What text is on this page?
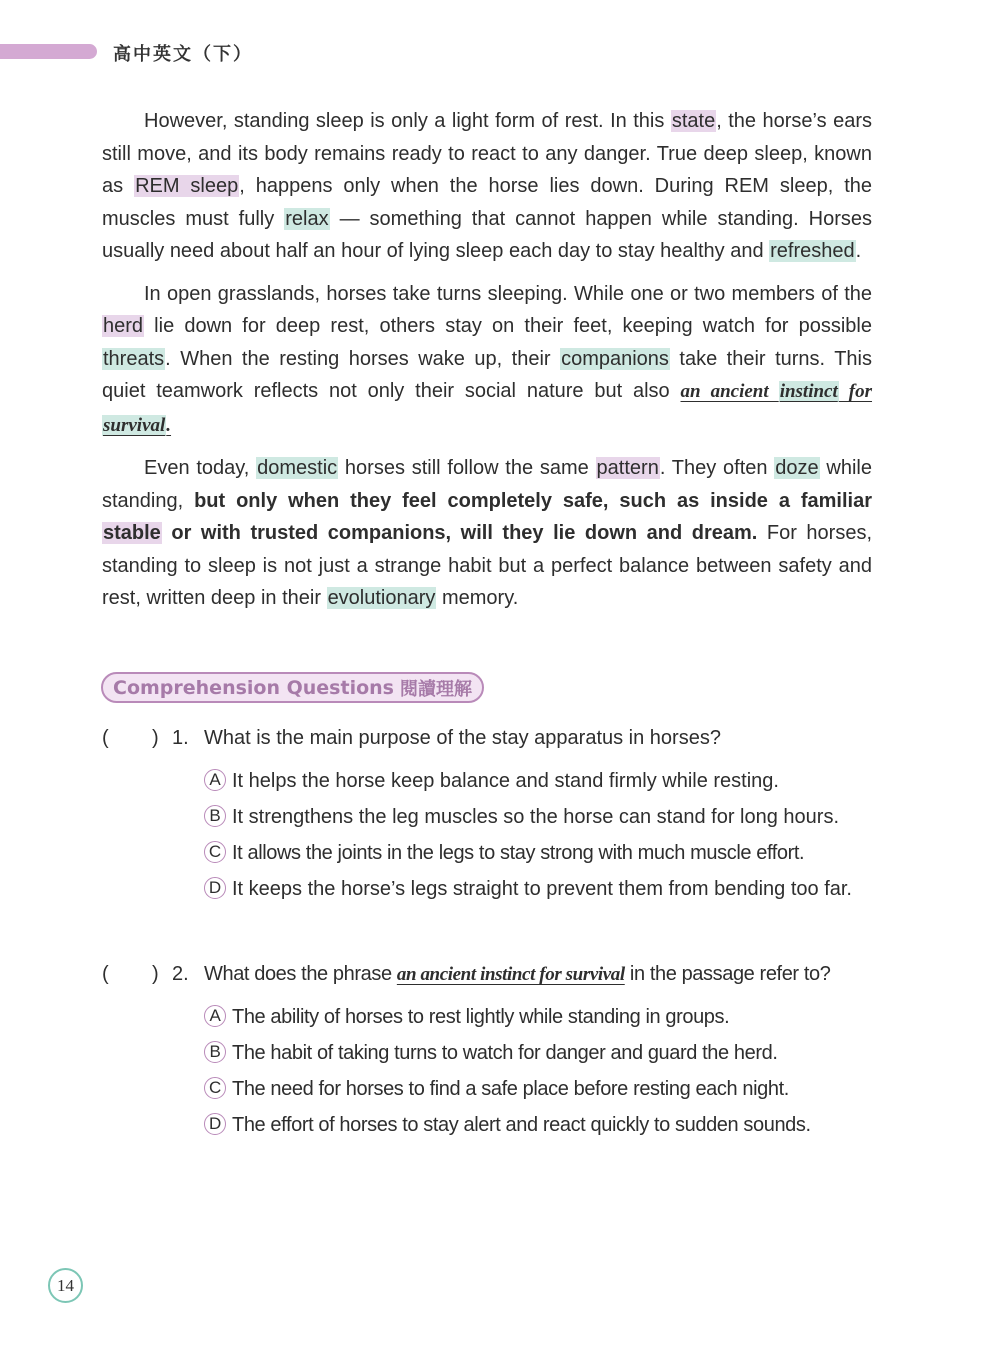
高中英文（下）

However, standing sleep is only a light form of rest. In this state, the horse’s ears still move, and its body remains ready to react to any danger. True deep sleep, known as REM sleep, happens only when the horse lies down. During REM sleep, the muscles must fully relax — something that cannot happen while standing. Horses usually need about half an hour of lying sleep each day to stay healthy and refreshed.

In open grasslands, horses take turns sleeping. While one or two members of the herd lie down for deep rest, others stay on their feet, keeping watch for possible threats. When the resting horses wake up, their companions take their turns. This quiet teamwork reflects not only their social nature but also an ancient instinct for survival.

Even today, domestic horses still follow the same pattern. They often doze while standing, but only when they feel completely safe, such as inside a familiar stable or with trusted companions, will they lie down and dream. For horses, standing to sleep is not just a strange habit but a perfect balance between safety and rest, written deep in their evolutionary memory.

Comprehension Questions 閱讀理解
(	) 1. What is the main purpose of the stay apparatus in horses?
A It helps the horse keep balance and stand firmly while resting.
B It strengthens the leg muscles so the horse can stand for long hours.
C It allows the joints in the legs to stay strong with much muscle effort.
D It keeps the horse’s legs straight to prevent them from bending too far.
(	) 2. What does the phrase an ancient instinct for survival in the passage refer to?
A The ability of horses to rest lightly while standing in groups.
B The habit of taking turns to watch for danger and guard the herd.
C The need for horses to find a safe place before resting each night.
D The effort of horses to stay alert and react quickly to sudden sounds.
14
